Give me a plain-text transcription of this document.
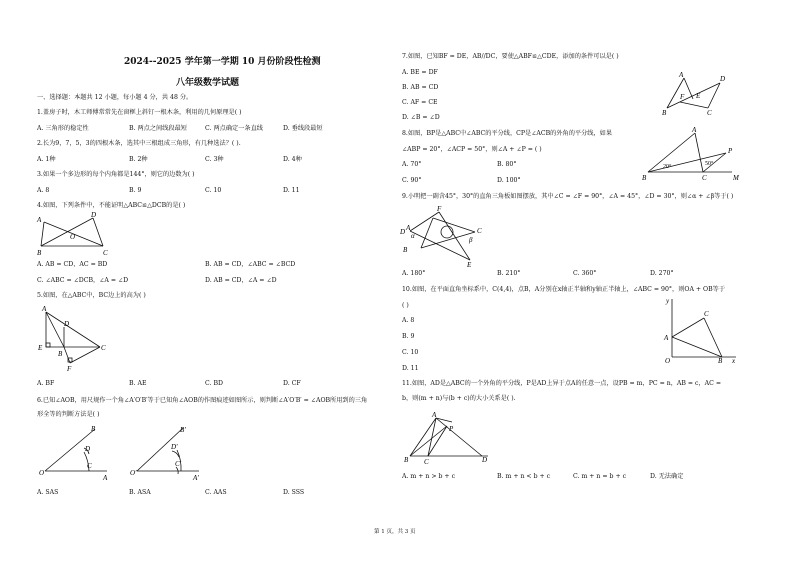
2024--2025 学年第一学期 10 月份阶段性检测
八年级数学试题
一、选择题：本题共 12 小题，每小题 4 分，共 48 分。
1.盖房子时，木工师傅常常先在窗框上斜钉一根木条，利用的几何原理是( )
A. 三角形的稳定性	B. 两点之间线段最短	C. 两点确定一条直线	D. 垂线段最短
2.长为9，7，5，3的四根木条，选其中三根组成三角形，有几种选法？( ).
A. 1种	B. 2种	C. 3种	D. 4种
3.如果一个多边形的每个内角都是144°，则它的边数为( )
A. 8	B. 9	C. 10	D. 11
4.如图，下列条件中，不能证明△ABC≌△DCB的是( )
A
D
O
B	C
A. AB = CD，AC = BD	B. AB = CD，∠ABC = ∠BCD
C. ∠ABC = ∠DCB，∠A = ∠D	D. AB = CD，∠A = ∠D
5.如图，在△ABC中，BC边上的高为( )
A
D
E
B
C
F
A. BF	B. AE	C. BD	D. CF
6.已知∠AOB，用尺规作一个角∠A′O′B′等于已知角∠AOB的作图痕迹如图所示，则判断∠A′O′B′ = ∠AOB所用到的三角
形全等的判断方法是( )
B
D
O
C
A
B′
D′
O′
C′
A′
A. SAS	B. ASA	C. AAS	D. SSS
7.如图，已知BF = DE，AB//DC，要使△ABF≌△CDE，添加的条件可以是( )
A	D
F E
B	C
A. BE = DF
B. AB = CD
C. AF = CE
D. ∠B = ∠D
8.如图，BP是△ABC中∠ABC的平分线，CP是∠ACB的外角的平分线，如果
∠ABP = 20°，∠ACP = 50°，则∠A + ∠P = ( )
A
P
20°	50°
B	C	M
A. 70°	B. 80°
C. 90°	D. 100°
9.小明把一副含45°，30°的直角三角板如图摆放，其中∠C = ∠F = 90°，∠A = 45°，∠D = 30°，则∠α + ∠β等于( )
A
F
D α
C
β
B
E
A. 180°	B. 210°	C. 360°	D. 270°
10.如图，在平面直角坐标系中，C(4,4)，点B，A分别在x轴正半轴和y轴正半轴上，∠ABC = 90°，则OA + OB等于
( )
y
C
A
O	B x
A. 8
B. 9
C. 10
D. 11
11.如图，AD是△ABC的一个外角的平分线，P是AD上异于点A的任意一点，设PB = m，PC = n，AB = c，AC =
b，则(m + n)与(b + c)的大小关系是( ).
P
A
B C	D
A. m + n > b + c	B. m + n < b + c	C. m + n = b + c	D. 无法确定
第 1 页，共 3 页
